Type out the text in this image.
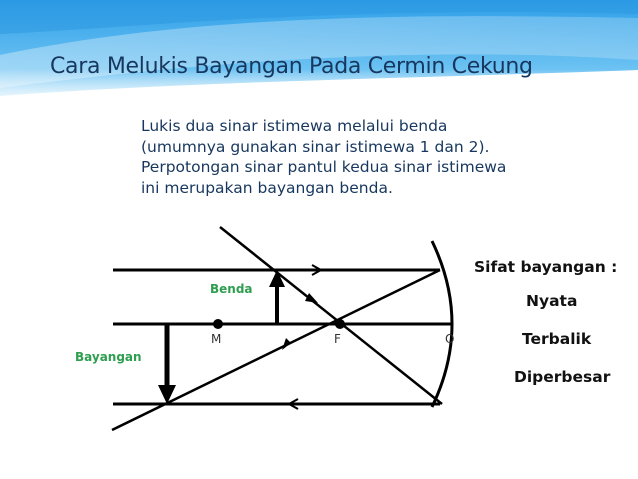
Cara Melukis Bayangan Pada Cermin Cekung
Lukis dua sinar istimewa melalui benda
(umumnya gunakan sinar istimewa 1 dan 2).
Perpotongan sinar pantul kedua sinar istimewa
ini merupakan bayangan benda.
Benda
Bayangan
M	F	O
Sifat bayangan :
Nyata
Terbalik
Diperbesar
